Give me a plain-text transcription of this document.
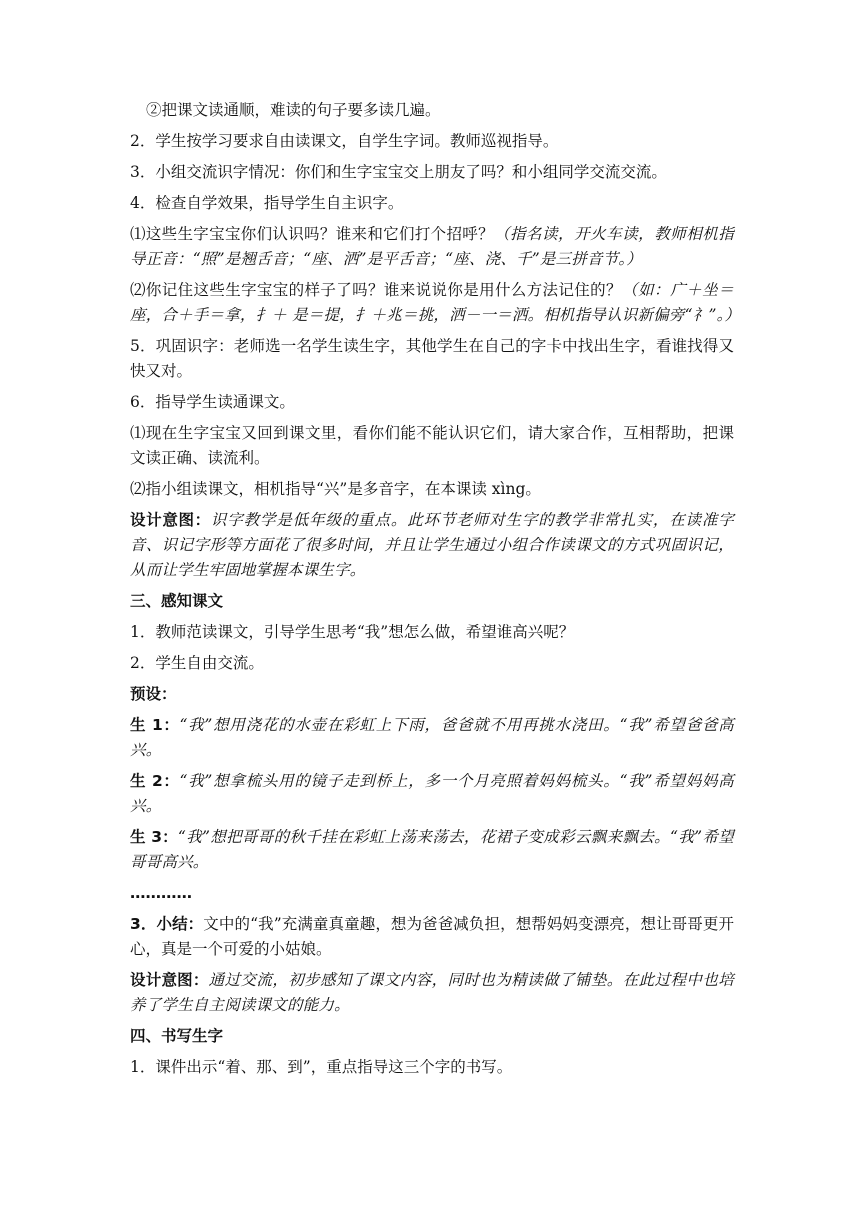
②把课文读通顺，难读的句子要多读几遍。

2．学生按学习要求自由读课文，自学生字词。教师巡视指导。

3．小组交流识字情况：你们和生字宝宝交上朋友了吗？和小组同学交流交流。

4．检查自学效果，指导学生自主识字。

⑴这些生字宝宝你们认识吗？谁来和它们打个招呼？（指名读，开火车读，教师相机指导正音：“照”是翘舌音；“座、洒”是平舌音；“座、浇、千”是三拼音节。）

⑵你记住这些生字宝宝的样子了吗？谁来说说你是用什么方法记住的？（如：广＋坐＝座，合＋手＝拿，扌＋ 是＝提，扌＋兆＝挑，洒－一＝洒。相机指导认识新偏旁“礻”。）

5．巩固识字：老师选一名学生读生字，其他学生在自己的字卡中找出生字，看谁找得又快又对。

6．指导学生读通课文。

⑴现在生字宝宝又回到课文里，看你们能不能认识它们，请大家合作，互相帮助，把课文读正确、读流利。

⑵指小组读课文，相机指导“兴”是多音字，在本课读 xìng。

设计意图：识字教学是低年级的重点。此环节老师对生字的教学非常扎实，在读准字音、识记字形等方面花了很多时间，并且让学生通过小组合作读课文的方式巩固识记，从而让学生牢固地掌握本课生字。

三、感知课文

1．教师范读课文，引导学生思考“我”想怎么做，希望谁高兴呢？

2．学生自由交流。

预设：

生 1：“我”想用浇花的水壶在彩虹上下雨，爸爸就不用再挑水浇田。“我”希望爸爸高兴。

生 2：“我”想拿梳头用的镜子走到桥上，多一个月亮照着妈妈梳头。“我”希望妈妈高兴。

生 3：“我”想把哥哥的秋千挂在彩虹上荡来荡去，花裙子变成彩云飘来飘去。“我”希望哥哥高兴。

…………

3．小结：文中的“我”充满童真童趣，想为爸爸减负担，想帮妈妈变漂亮，想让哥哥更开心，真是一个可爱的小姑娘。

设计意图：通过交流，初步感知了课文内容，同时也为精读做了铺垫。在此过程中也培养了学生自主阅读课文的能力。

四、书写生字

1．课件出示“着、那、到”，重点指导这三个字的书写。
